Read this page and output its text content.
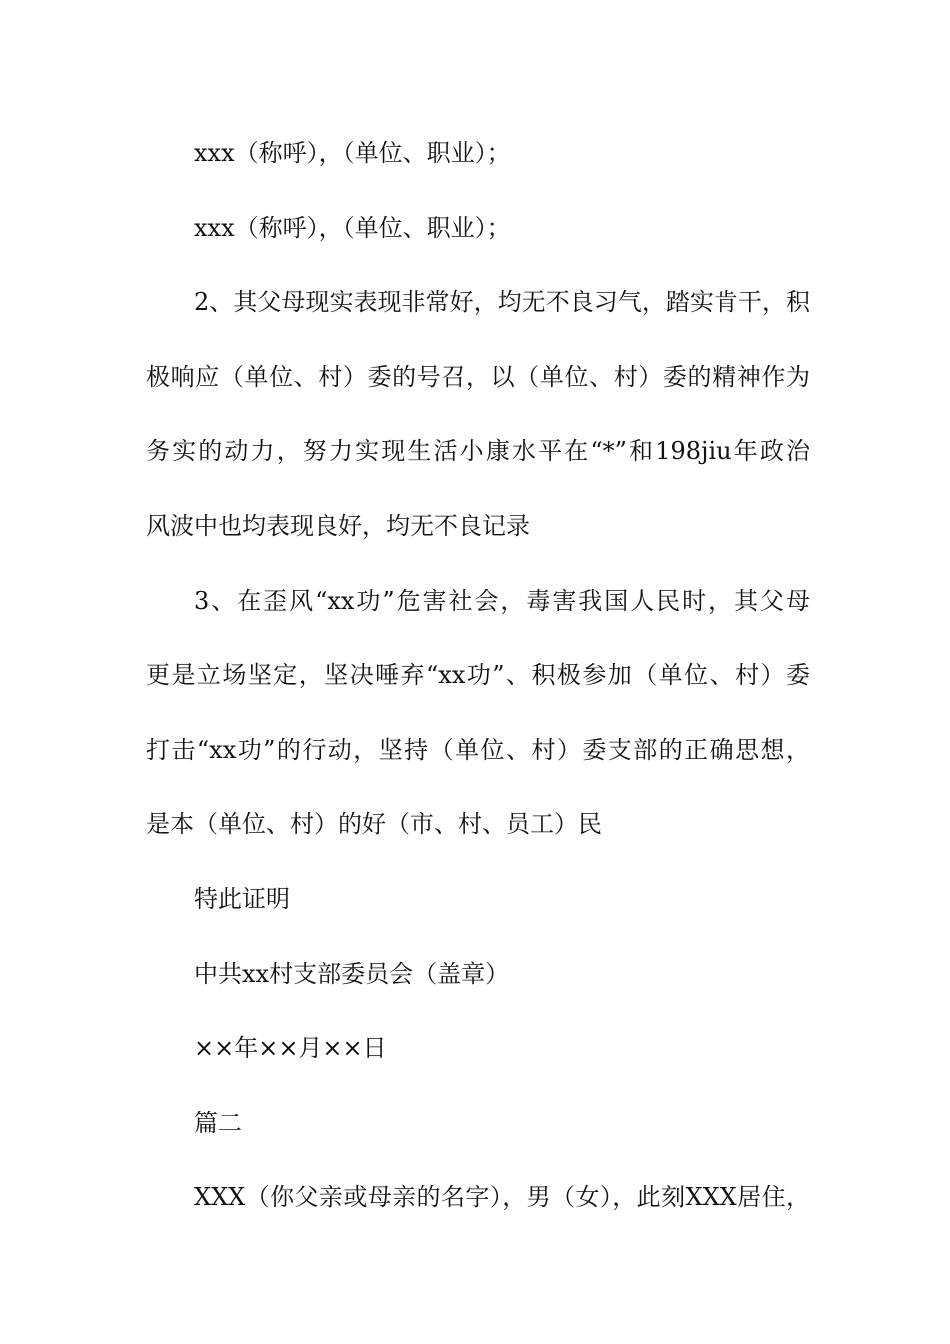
xxx（称呼），（单位、职业）；
xxx（称呼），（单位、职业）；
2、其父母现实表现非常好，均无不良习气，踏实肯干，积
极响应（单位、村）委的号召，以（单位、村）委的精神作为
务实的动力，努力实现生活小康水平在“*”和198jiu年政治
风波中也均表现良好，均无不良记录
3、在歪风“xx功”危害社会，毒害我国人民时，其父母
更是立场坚定，坚决唾弃“xx功”、积极参加（单位、村）委
打击“xx功”的行动，坚持（单位、村）委支部的正确思想，
是本（单位、村）的好（市、村、员工）民
特此证明
中共xx村支部委员会（盖章）
××年××月××日
篇二
XXX（你父亲或母亲的名字），男（女），此刻XXX居住，
